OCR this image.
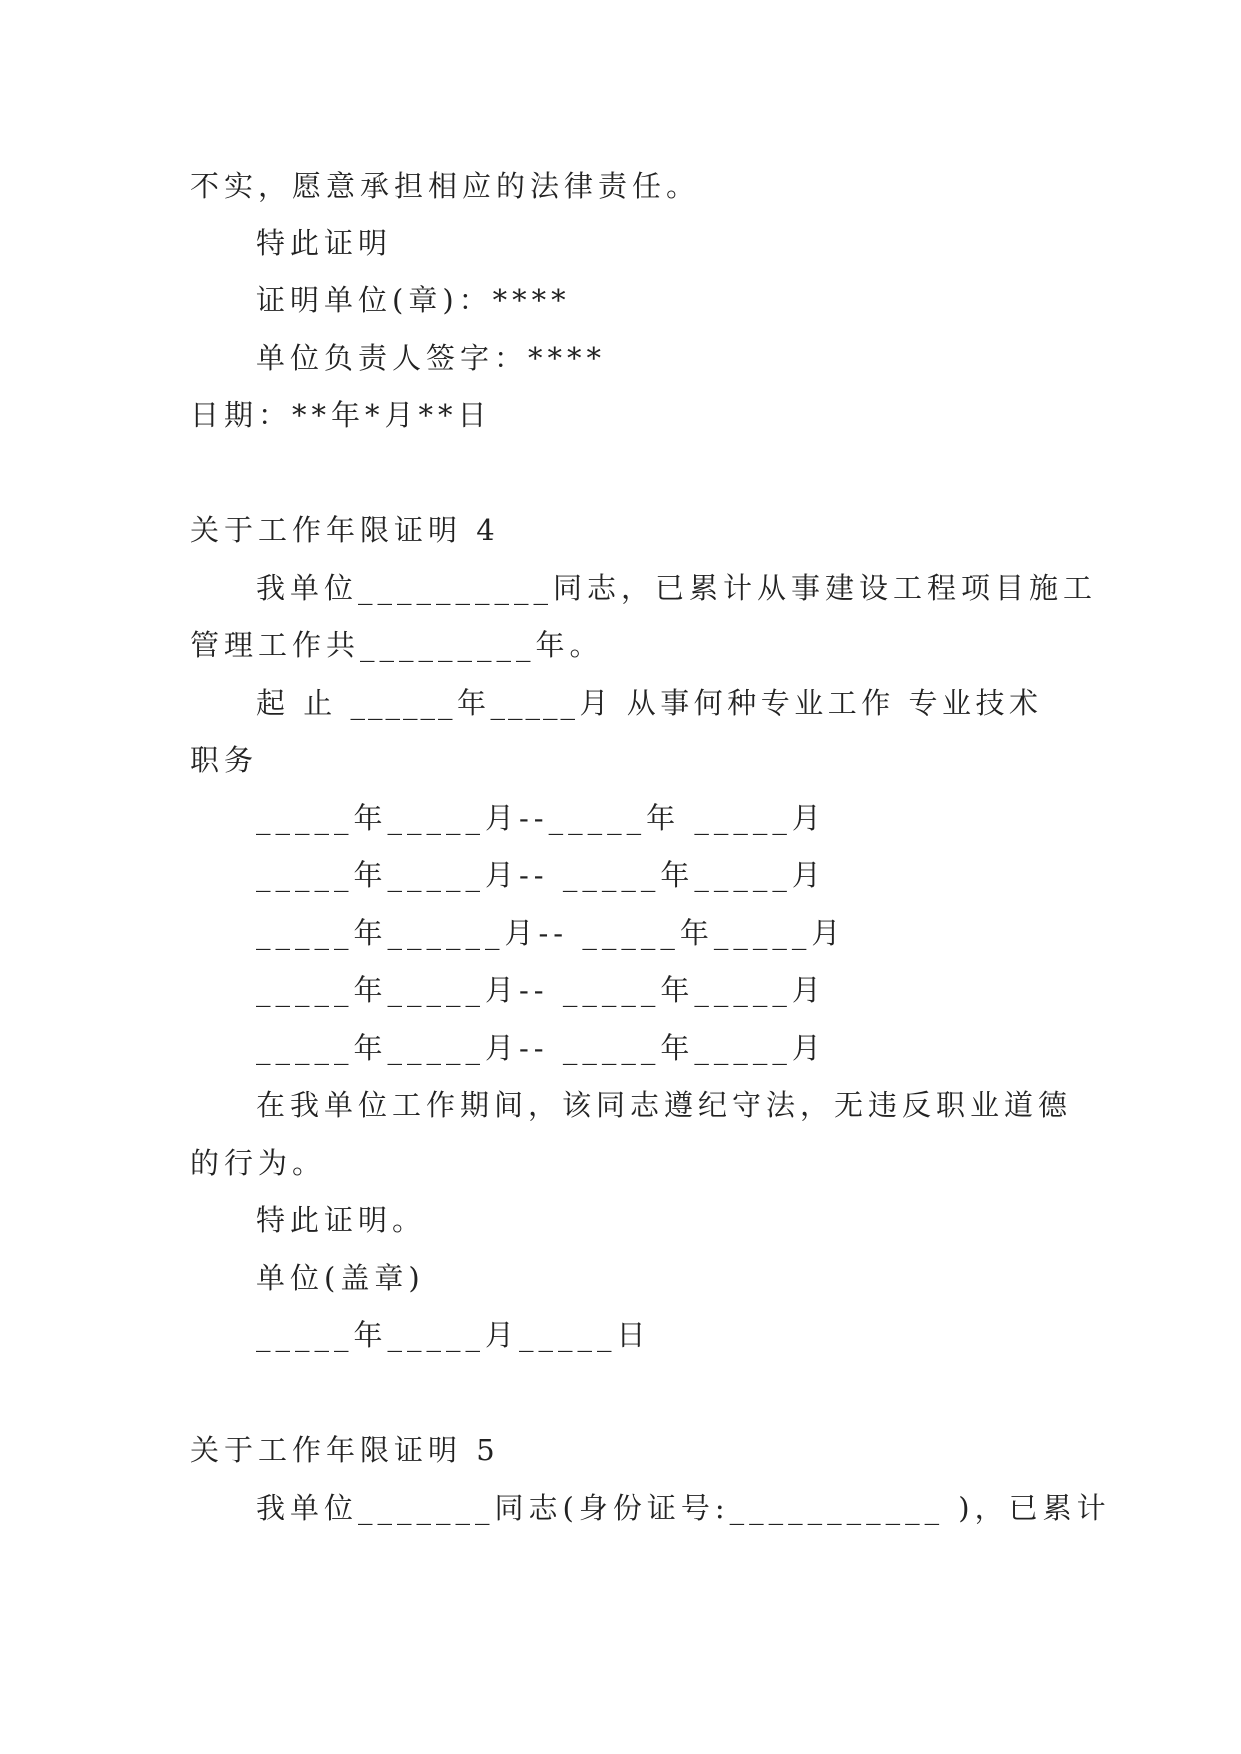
不实，愿意承担相应的法律责任。
特此证明
证明单位(章)：****
单位负责人签字：****
日期：**年*月**日
关于工作年限证明 4
我单位__________同志，已累计从事建设工程项目施工
管理工作共_________年。
起 止 ______年_____月 从事何种专业工作 专业技术
职务
_____年_____月--_____年 _____月
_____年_____月-- _____年_____月
_____年______月-- _____年_____月
_____年_____月-- _____年_____月
_____年_____月-- _____年_____月
在我单位工作期间，该同志遵纪守法，无违反职业道德
的行为。
特此证明。
单位(盖章)
_____年_____月_____日
关于工作年限证明 5
我单位_______同志(身份证号:___________ )，已累计
